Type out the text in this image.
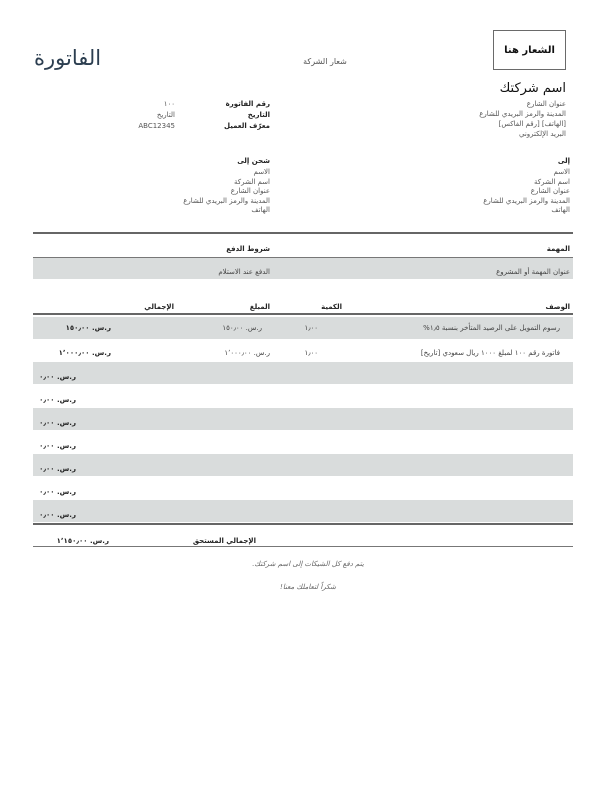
الشعار هنا
الفاتورة	شعار الشركة
اسم شركتك
عنوان الشارع
المدينة والرمز البريدي للشارع
[الهاتف] [رقم الفاكس]
البريد الإلكتروني
رقم الفاتورة
التاريخ
معرّف العميل
١٠٠
التاريخ
ABC12345
إلى
الاسم
اسم الشركة
عنوان الشارع
المدينة والرمز البريدي للشارع
الهاتف
شحن إلى
الاسم
اسم الشركة
عنوان الشارع
المدينة والرمز البريدي للشارع
الهاتف
المهمة
شروط الدفع
عنوان المهمة أو المشروع
الدفع عند الاستلام
الوصف
الكمية
المبلغ
الإجمالي
رسوم التمويل على الرصيد المتأخر بنسبة ١٫٥%
١٫٠٠
ر.س. ١٥٠٫٠٠
ر.س. ١٥٠٫٠٠
فاتورة رقم ١٠٠ لمبلغ ١٠٠٠ ريال سعودي [تاريخ]
١٫٠٠
ر.س. ١٬٠٠٠٫٠٠
ر.س. ١٬٠٠٠٫٠٠
ر.س. ٠٫٠٠
ر.س. ٠٫٠٠
ر.س. ٠٫٠٠
ر.س. ٠٫٠٠
ر.س. ٠٫٠٠
ر.س. ٠٫٠٠
ر.س. ٠٫٠٠
الإجمالي المستحق
ر.س. ١٬١٥٠٫٠٠
يتم دفع كل الشيكات إلى اسم شركتك.
شكراً لتعاملك معنا!
